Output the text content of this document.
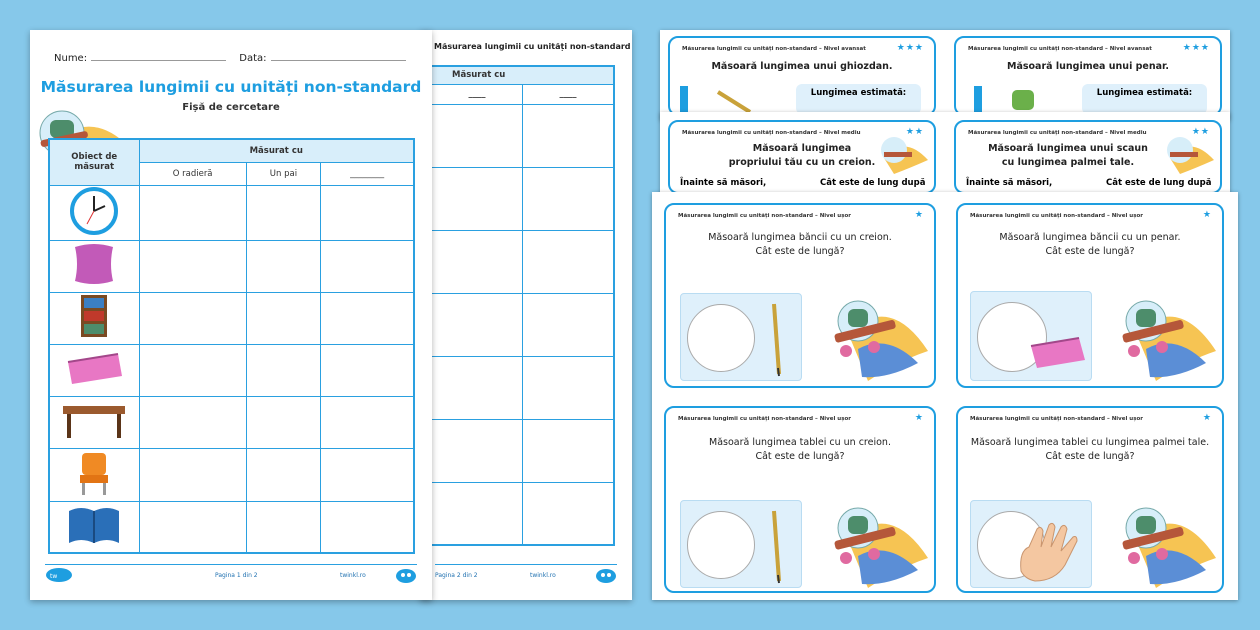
Măsurarea lungimii cu unități non-standard
Măsurat cu	
____	____

Pagina 2 din 2	twinkl.ro
Nume:	Data:
Măsurarea lungimii cu unități non-standard
Fișă de cercetare
Obiect de măsurat	Măsurat cu		
	O radieră	Un pai	________

tw	Pagina 1 din 2	twinkl.ro
Măsurarea lungimii cu unități non-standard – Nivel avansat	★★★
Măsoară lungimea unui ghiozdan.
Lungimea estimată:
Măsurarea lungimii cu unități non-standard – Nivel avansat	★★★
Măsoară lungimea unui penar.
Lungimea estimată:
Măsurarea lungimii cu unități non-standard – Nivel mediu	★★
Măsoară lungimea
propriului tău cu un creion.
Înainte să măsori,	Cât este de lung după
Măsurarea lungimii cu unități non-standard – Nivel mediu	★★
Măsoară lungimea unui scaun
cu lungimea palmei tale.
Înainte să măsori,	Cât este de lung după
Măsurarea lungimii cu unități non-standard – Nivel ușor	★
Măsoară lungimea băncii cu un creion.
Cât este de lungă?
Măsurarea lungimii cu unități non-standard – Nivel ușor	★
Măsoară lungimea băncii cu un penar.
Cât este de lungă?
Măsurarea lungimii cu unități non-standard – Nivel ușor	★
Măsoară lungimea tablei cu un creion.
Cât este de lungă?
Măsurarea lungimii cu unități non-standard – Nivel ușor	★
Măsoară lungimea tablei cu lungimea palmei tale.
Cât este de lungă?
